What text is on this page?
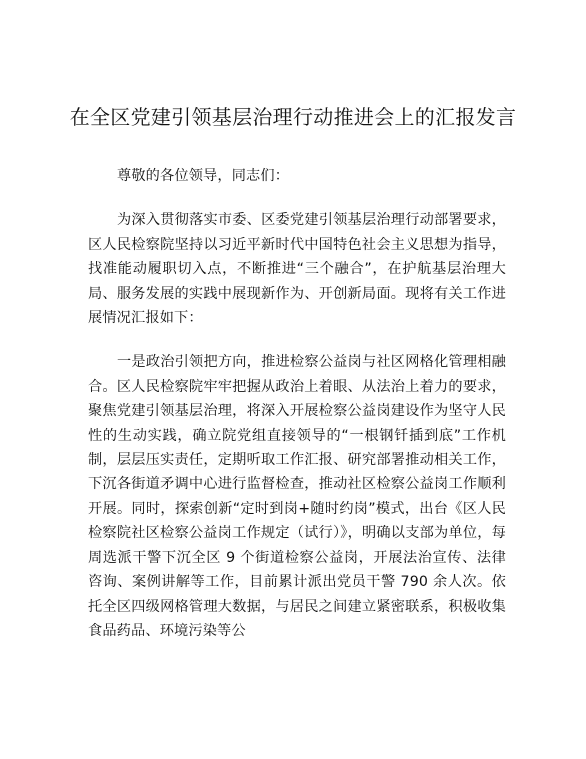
在全区党建引领基层治理行动推进会上的汇报发言

尊敬的各位领导，同志们：

为深入贯彻落实市委、区委党建引领基层治理行动部署要求，区人民检察院坚持以习近平新时代中国特色社会主义思想为指导，找准能动履职切入点，不断推进“三个融合”，在护航基层治理大局、服务发展的实践中展现新作为、开创新局面。现将有关工作进展情况汇报如下：

一是政治引领把方向，推进检察公益岗与社区网格化管理相融合。区人民检察院牢牢把握从政治上着眼、从法治上着力的要求，聚焦党建引领基层治理，将深入开展检察公益岗建设作为坚守人民性的生动实践，确立院党组直接领导的“一根钢钎插到底”工作机制，层层压实责任，定期听取工作汇报、研究部署推动相关工作，下沉各街道矛调中心进行监督检查，推动社区检察公益岗工作顺利开展。同时，探索创新“定时到岗+随时约岗”模式，出台《区人民检察院社区检察公益岗工作规定（试行）》，明确以支部为单位，每周选派干警下沉全区 9 个街道检察公益岗，开展法治宣传、法律咨询、案例讲解等工作，目前累计派出党员干警 790 余人次。依托全区四级网格管理大数据，与居民之间建立紧密联系，积极收集食品药品、环境污染等公
